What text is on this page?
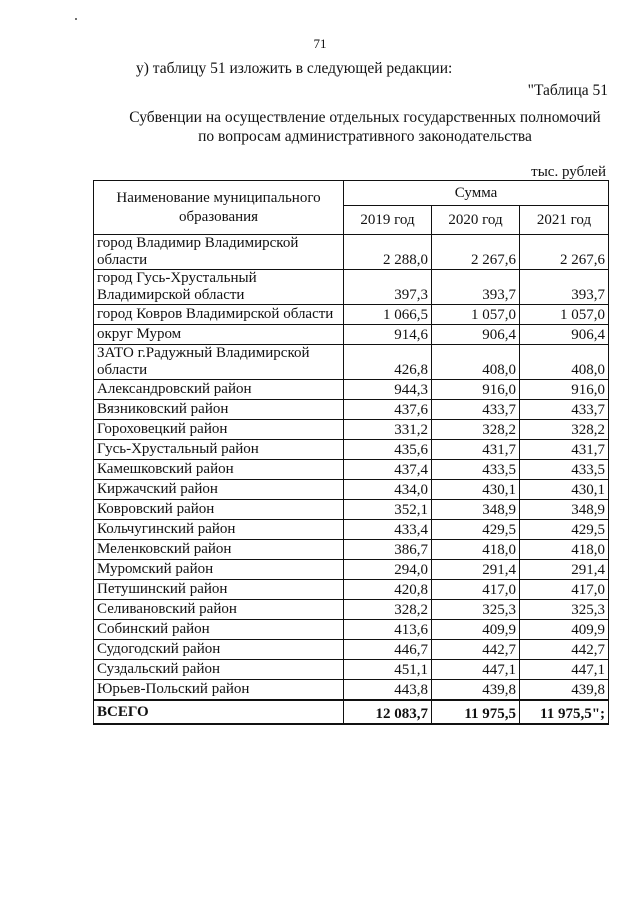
71
у) таблицу 51 изложить в следующей редакции:
"Таблица 51
Субвенции на осуществление отдельных государственных полномочий
по вопросам административного законодательства
тыс. рублей
Наименование муниципального образования	Сумма		
	2019 год	2020 год	2021 год
город Владимир Владимирской области	2 288,0	2 267,6	2 267,6
город Гусь-Хрустальный Владимирской области	397,3	393,7	393,7
город Ковров Владимирской области	1 066,5	1 057,0	1 057,0
округ Муром	914,6	906,4	906,4
ЗАТО г.Радужный Владимирской области	426,8	408,0	408,0
Александровский район	944,3	916,0	916,0
Вязниковский район	437,6	433,7	433,7
Гороховецкий район	331,2	328,2	328,2
Гусь-Хрустальный район	435,6	431,7	431,7
Камешковский район	437,4	433,5	433,5
Киржачский район	434,0	430,1	430,1
Ковровский район	352,1	348,9	348,9
Кольчугинский район	433,4	429,5	429,5
Меленковский район	386,7	418,0	418,0
Муромский район	294,0	291,4	291,4
Петушинский район	420,8	417,0	417,0
Селивановский район	328,2	325,3	325,3
Собинский район	413,6	409,9	409,9
Судогодский район	446,7	442,7	442,7
Суздальский район	451,1	447,1	447,1
Юрьев-Польский район	443,8	439,8	439,8
ВСЕГО	12 083,7	11 975,5	11 975,5";
